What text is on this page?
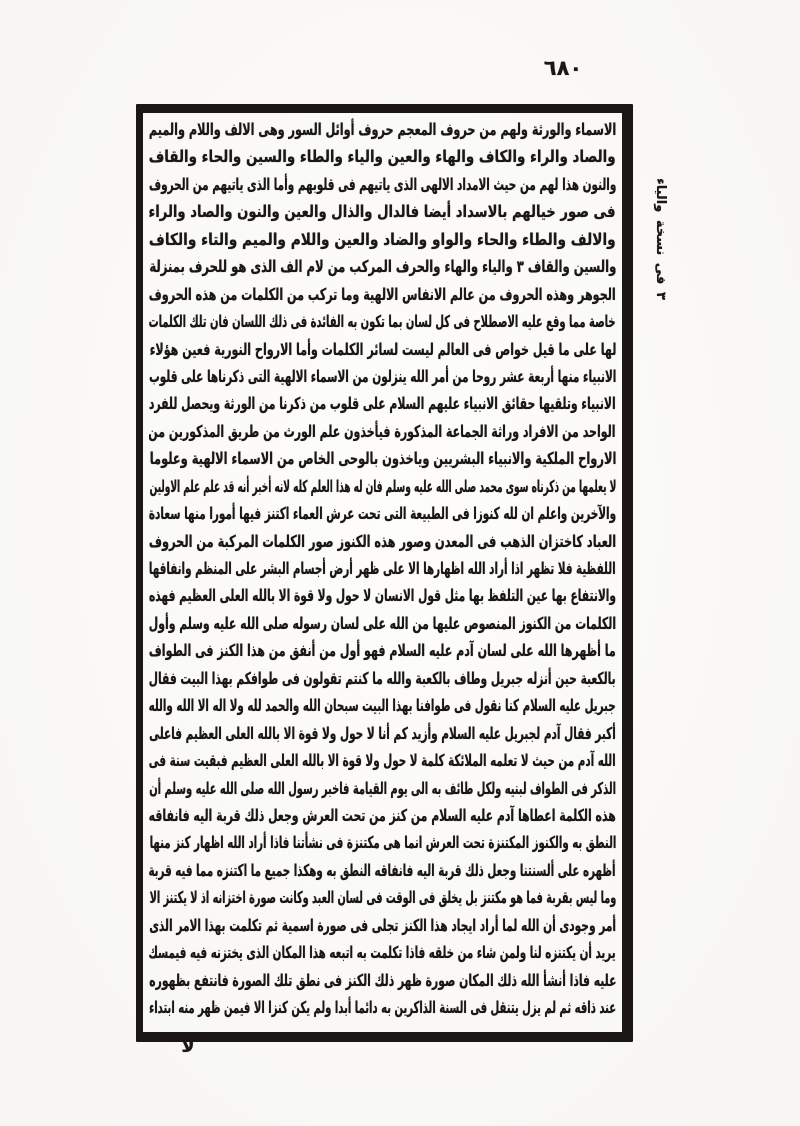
٦٨٠
الاسماء والورثة ولهم من حروف المعجم حروف أوائل السور وهى الالف واللام والميم
والصاد والراء والكاف والهاء والعين والياء والطاء والسين والحاء والقاف
والنون هذا لهم من حيث الامداد الالهى الذى ياتيهم فى قلوبهم وأما الذى ياتيهم من الحروف
فى صور خيالهم بالاسداد أيضا فالدال والذال والعين والنون والصاد والراء
والالف والطاء والحاء والواو والضاد والعين واللام والميم والتاء والكاف
والسين والقاف ٣ والياء والهاء والحرف المركب من لام الف الذى هو للحرف بمنزلة
الجوهر وهذه الحروف من عالم الانفاس الالهية وما تركب من الكلمات من هذه الحروف
خاصة مما وقع عليه الاصطلاح فى كل لسان بما تكون به الفائدة فى ذلك اللسان فان تلك الكلمات
لها على ما قيل خواص فى العالم ليست لسائر الكلمات وأما الارواح النورية فعين هؤلاء
الانبياء منها أربعة عشر روحا من أمر الله ينزلون من الاسماء الالهية التى ذكرناها على قلوب
الانبياء وتلقيها حقائق الانبياء عليهم السلام على قلوب من ذكرنا من الورثة ويحصل للفرد
الواحد من الافراد وراثة الجماعة المذكورة فيأخذون علم الورث من طريق المذكورين من
الارواح الملكية والانبياء البشريين وياخذون بالوحى الخاص من الاسماء الالهية وعلوما
لا يعلمها من ذكرناه سوى محمد صلى الله عليه وسلم فان له هذا العلم كله لانه أخبر أنه قد علم علم الاولين
والآخرين واعلم ان لله كنوزا فى الطبيعة التى تحت عرش العماء اكتنز فيها أمورا منها سعادة
العباد كاختزان الذهب فى المعدن وصور هذه الكنوز صور الكلمات المركبة من الحروف
اللفظية فلا تظهر اذا أراد الله اظهارها الا على ظهر أرض أجسام البشر على المنظم وانفاقها
والانتفاع بها عين التلفظ بها مثل قول الانسان لا حول ولا قوة الا بالله العلى العظيم فهذه
الكلمات من الكنوز المنصوص عليها من الله على لسان رسوله صلى الله عليه وسلم وأول
ما أظهرها الله على لسان آدم عليه السلام فهو أول من أنفق من هذا الكنز فى الطواف
بالكعبة حين أنزله جبريل وطاف بالكعبة والله ما كنتم تقولون فى طوافكم بهذا البيت فقال
جبريل عليه السلام كنا نقول فى طوافنا بهذا البيت سبحان الله والحمد لله ولا اله الا الله والله
أكبر فقال آدم لجبريل عليه السلام وأزيد كم أنا لا حول ولا قوة الا بالله العلى العظيم فاعلى
الله آدم من حيث لا تعلمه الملائكة كلمة لا حول ولا قوة الا بالله العلى العظيم فبقيت سنة فى
الذكر فى الطواف لبنيه ولكل طائف به الى يوم القيامة فاخبر رسول الله صلى الله عليه وسلم أن
هذه الكلمة اعطاها آدم عليه السلام من كنز من تحت العرش وجعل ذلك قربة اليه فانفاقه
النطق به والكنوز المكتنزة تحت العرش انما هى مكتنزة فى نشأتنا فاذا أراد الله اظهار كنز منها
أظهره على ألسنتنا وجعل ذلك قربة اليه فانفاقه النطق به وهكذا جميع ما اكتنزه مما فيه قربة
وما ليس بقربة فما هو مكتنز بل يخلق فى الوقت فى لسان العبد وكانت صورة اختزانه اذ لا يكتنز الا
أمر وجودى أن الله لما أراد ايجاد هذا الكنز تجلى فى صورة اسمية ثم تكلمت بهذا الامر الذى
يريد أن يكتنزه لنا ولمن شاء من خلقه فاذا تكلمت به اتبعه هذا المكان الذى يختزنه فيه فيمسك
عليه فاذا أنشأ الله ذلك المكان صورة ظهر ذلك الكنز فى نطق تلك الصورة فانتفع بظهوره
عند ذاقه ثم لم يزل يتنقل فى السنة الذاكرين به دائما أبدا ولم يكن كنزا الا فيمن ظهر منه ابتداء
٣ فى نسخة والياء
لا
